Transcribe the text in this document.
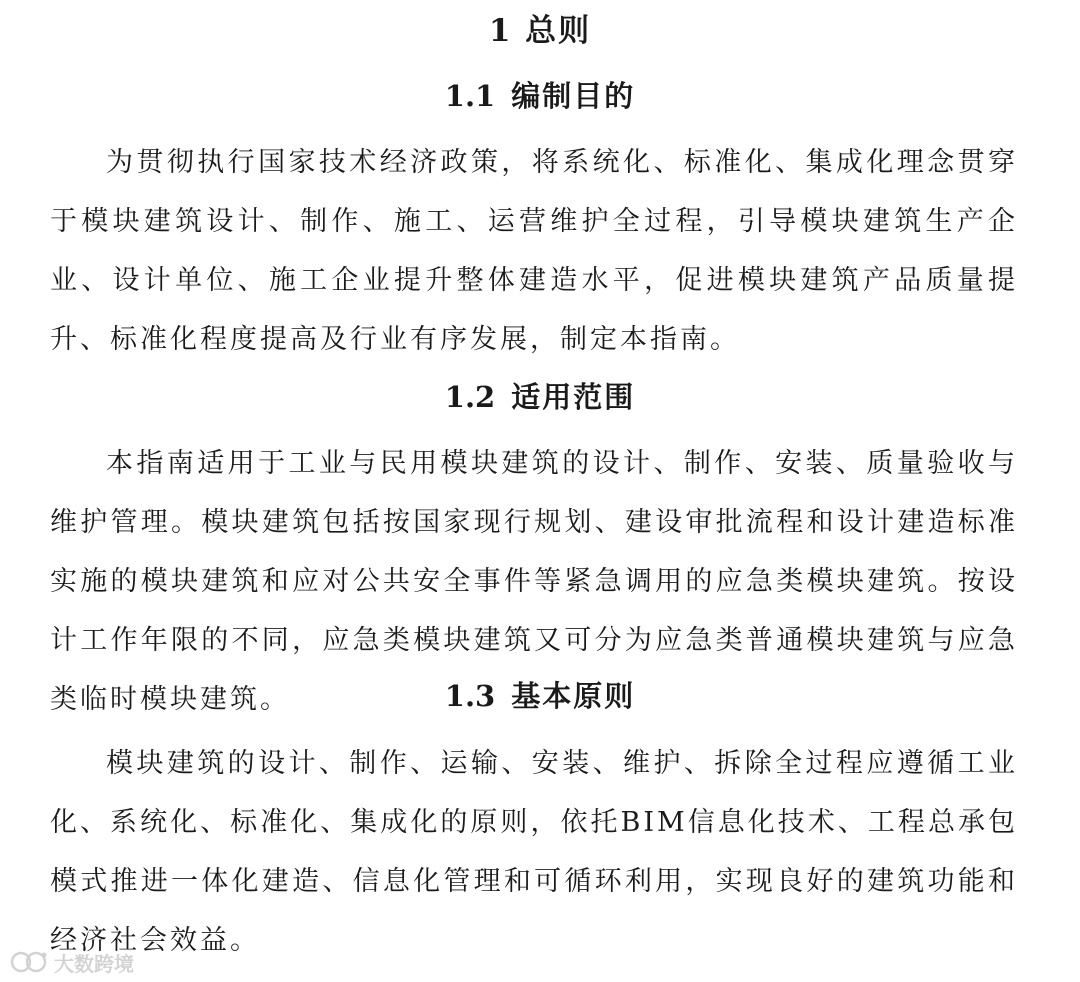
1 总则
1.1 编制目的

为贯彻执行国家技术经济政策，将系统化、标准化、集成化理念贯穿于模块建筑设计、制作、施工、运营维护全过程，引导模块建筑生产企业、设计单位、施工企业提升整体建造水平，促进模块建筑产品质量提升、标准化程度提高及行业有序发展，制定本指南。

1.2 适用范围

本指南适用于工业与民用模块建筑的设计、制作、安装、质量验收与维护管理。模块建筑包括按国家现行规划、建设审批流程和设计建造标准实施的模块建筑和应对公共安全事件等紧急调用的应急类模块建筑。按设计工作年限的不同，应急类模块建筑又可分为应急类普通模块建筑与应急类临时模块建筑。	1.3 基本原则

模块建筑的设计、制作、运输、安装、维护、拆除全过程应遵循工业化、系统化、标准化、集成化的原则，依托BIM信息化技术、工程总承包模式推进一体化建造、信息化管理和可循环利用，实现良好的建筑功能和经济社会效益。

大数跨境
